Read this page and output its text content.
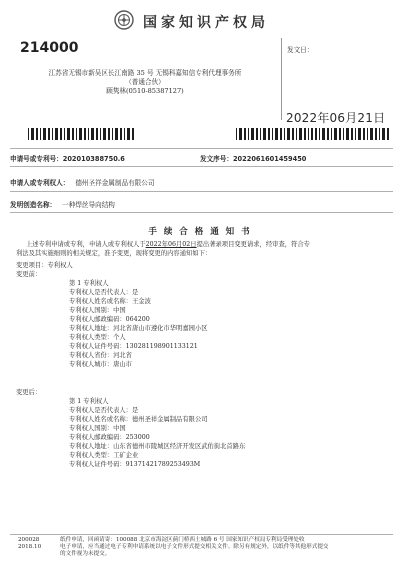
国家知识产权局
214000
江苏省无锡市新吴区长江南路 35 号 无锡科嘉知信专利代理事务所
（普通合伙）
顾隽林(0510-85387127)
发文日：
2022年06月21日
申请号或专利号：202010388750.6	发文序号：2022061601459450
申请人或专利权人： 德州圣祥金属制品有限公司
发明创造名称： 一种焊丝导向结构
手 续 合 格 通 知 书
上述专利申请或专利，申请人或专利权人于2022年06月02日提出著录项目变更请求，经审查，符合专
利法及其实施细则的相关规定，准予变更，现将变更的内容通知如下：
变更项目：专利权人
变更前：
第 1 专利权人
专利权人是否代表人：是
专利权人姓名或名称：王金波
专利权人国别：中国
专利权人邮政编码：064200
专利权人地址：河北省唐山市遵化市华明嘉园小区
专利权人类型：个人
专利权人证件号码：130281198901133121
专利权人省份：河北省
专利权人城市：唐山市
变更后：
第 1 专利权人
专利权人是否代表人：是
专利权人姓名或名称：德州圣祥金属制品有限公司
专利权人国别：中国
专利权人邮政编码：253000
专利权人地址：山东省德州市陵城区经济开发区武佑街北首路东
专利权人类型：工矿企业
专利权人证件号码：91371421789253493M
200028
2018.10
纸件申请，回函请寄：100088 北京市海淀区蓟门桥西土城路 6 号 国家知识产权局专利局受理处收
电子申请，应当通过电子专利申请系统以电子文件形式提交相关文件。除另有规定外，以纸件等其他形式提交
的文件视为未提交。
